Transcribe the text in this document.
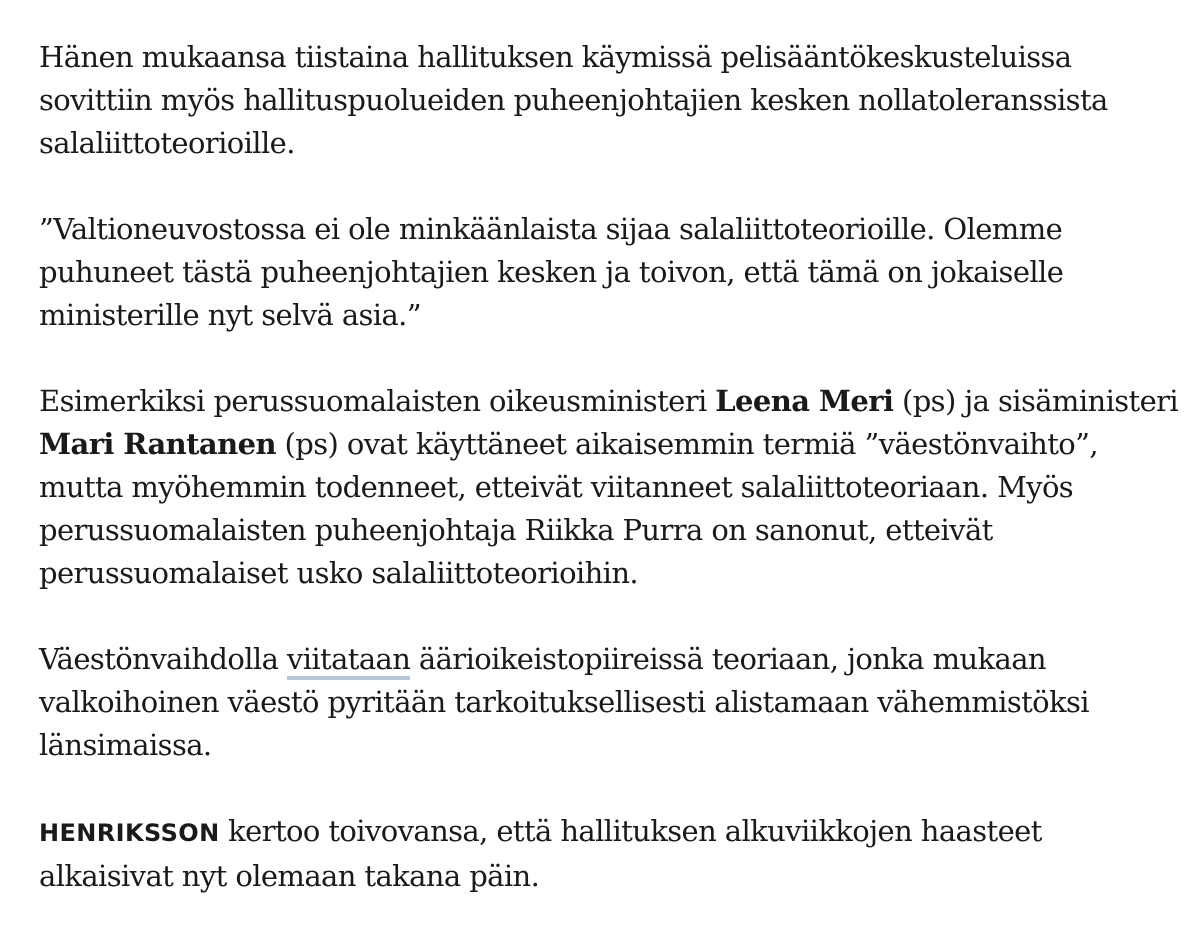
Hänen mukaansa tiistaina hallituksen käymissä pelisääntökeskusteluissa sovittiin myös hallituspuolueiden puheenjohtajien kesken nollatoleranssista salaliittoteorioille.

”Valtioneuvostossa ei ole minkäänlaista sijaa salaliittoteorioille. Olemme puhuneet tästä puheenjohtajien kesken ja toivon, että tämä on jokaiselle ministerille nyt selvä asia.”

Esimerkiksi perussuomalaisten oikeusministeri Leena Meri (ps) ja sisäministeri Mari Rantanen (ps) ovat käyttäneet aikaisemmin termiä ”väestönvaihto”, mutta myöhemmin todenneet, etteivät viitanneet salaliittoteoriaan. Myös perussuomalaisten puheenjohtaja Riikka Purra on sanonut, etteivät perussuomalaiset usko salaliittoteorioihin.

Väestönvaihdolla viitataan äärioikeistopiireissä teoriaan, jonka mukaan valkoihoinen väestö pyritään tarkoituksellisesti alistamaan vähemmistöksi länsimaissa.

HENRIKSSON kertoo toivovansa, että hallituksen alkuviikkojen haasteet alkaisivat nyt olemaan takana päin.
